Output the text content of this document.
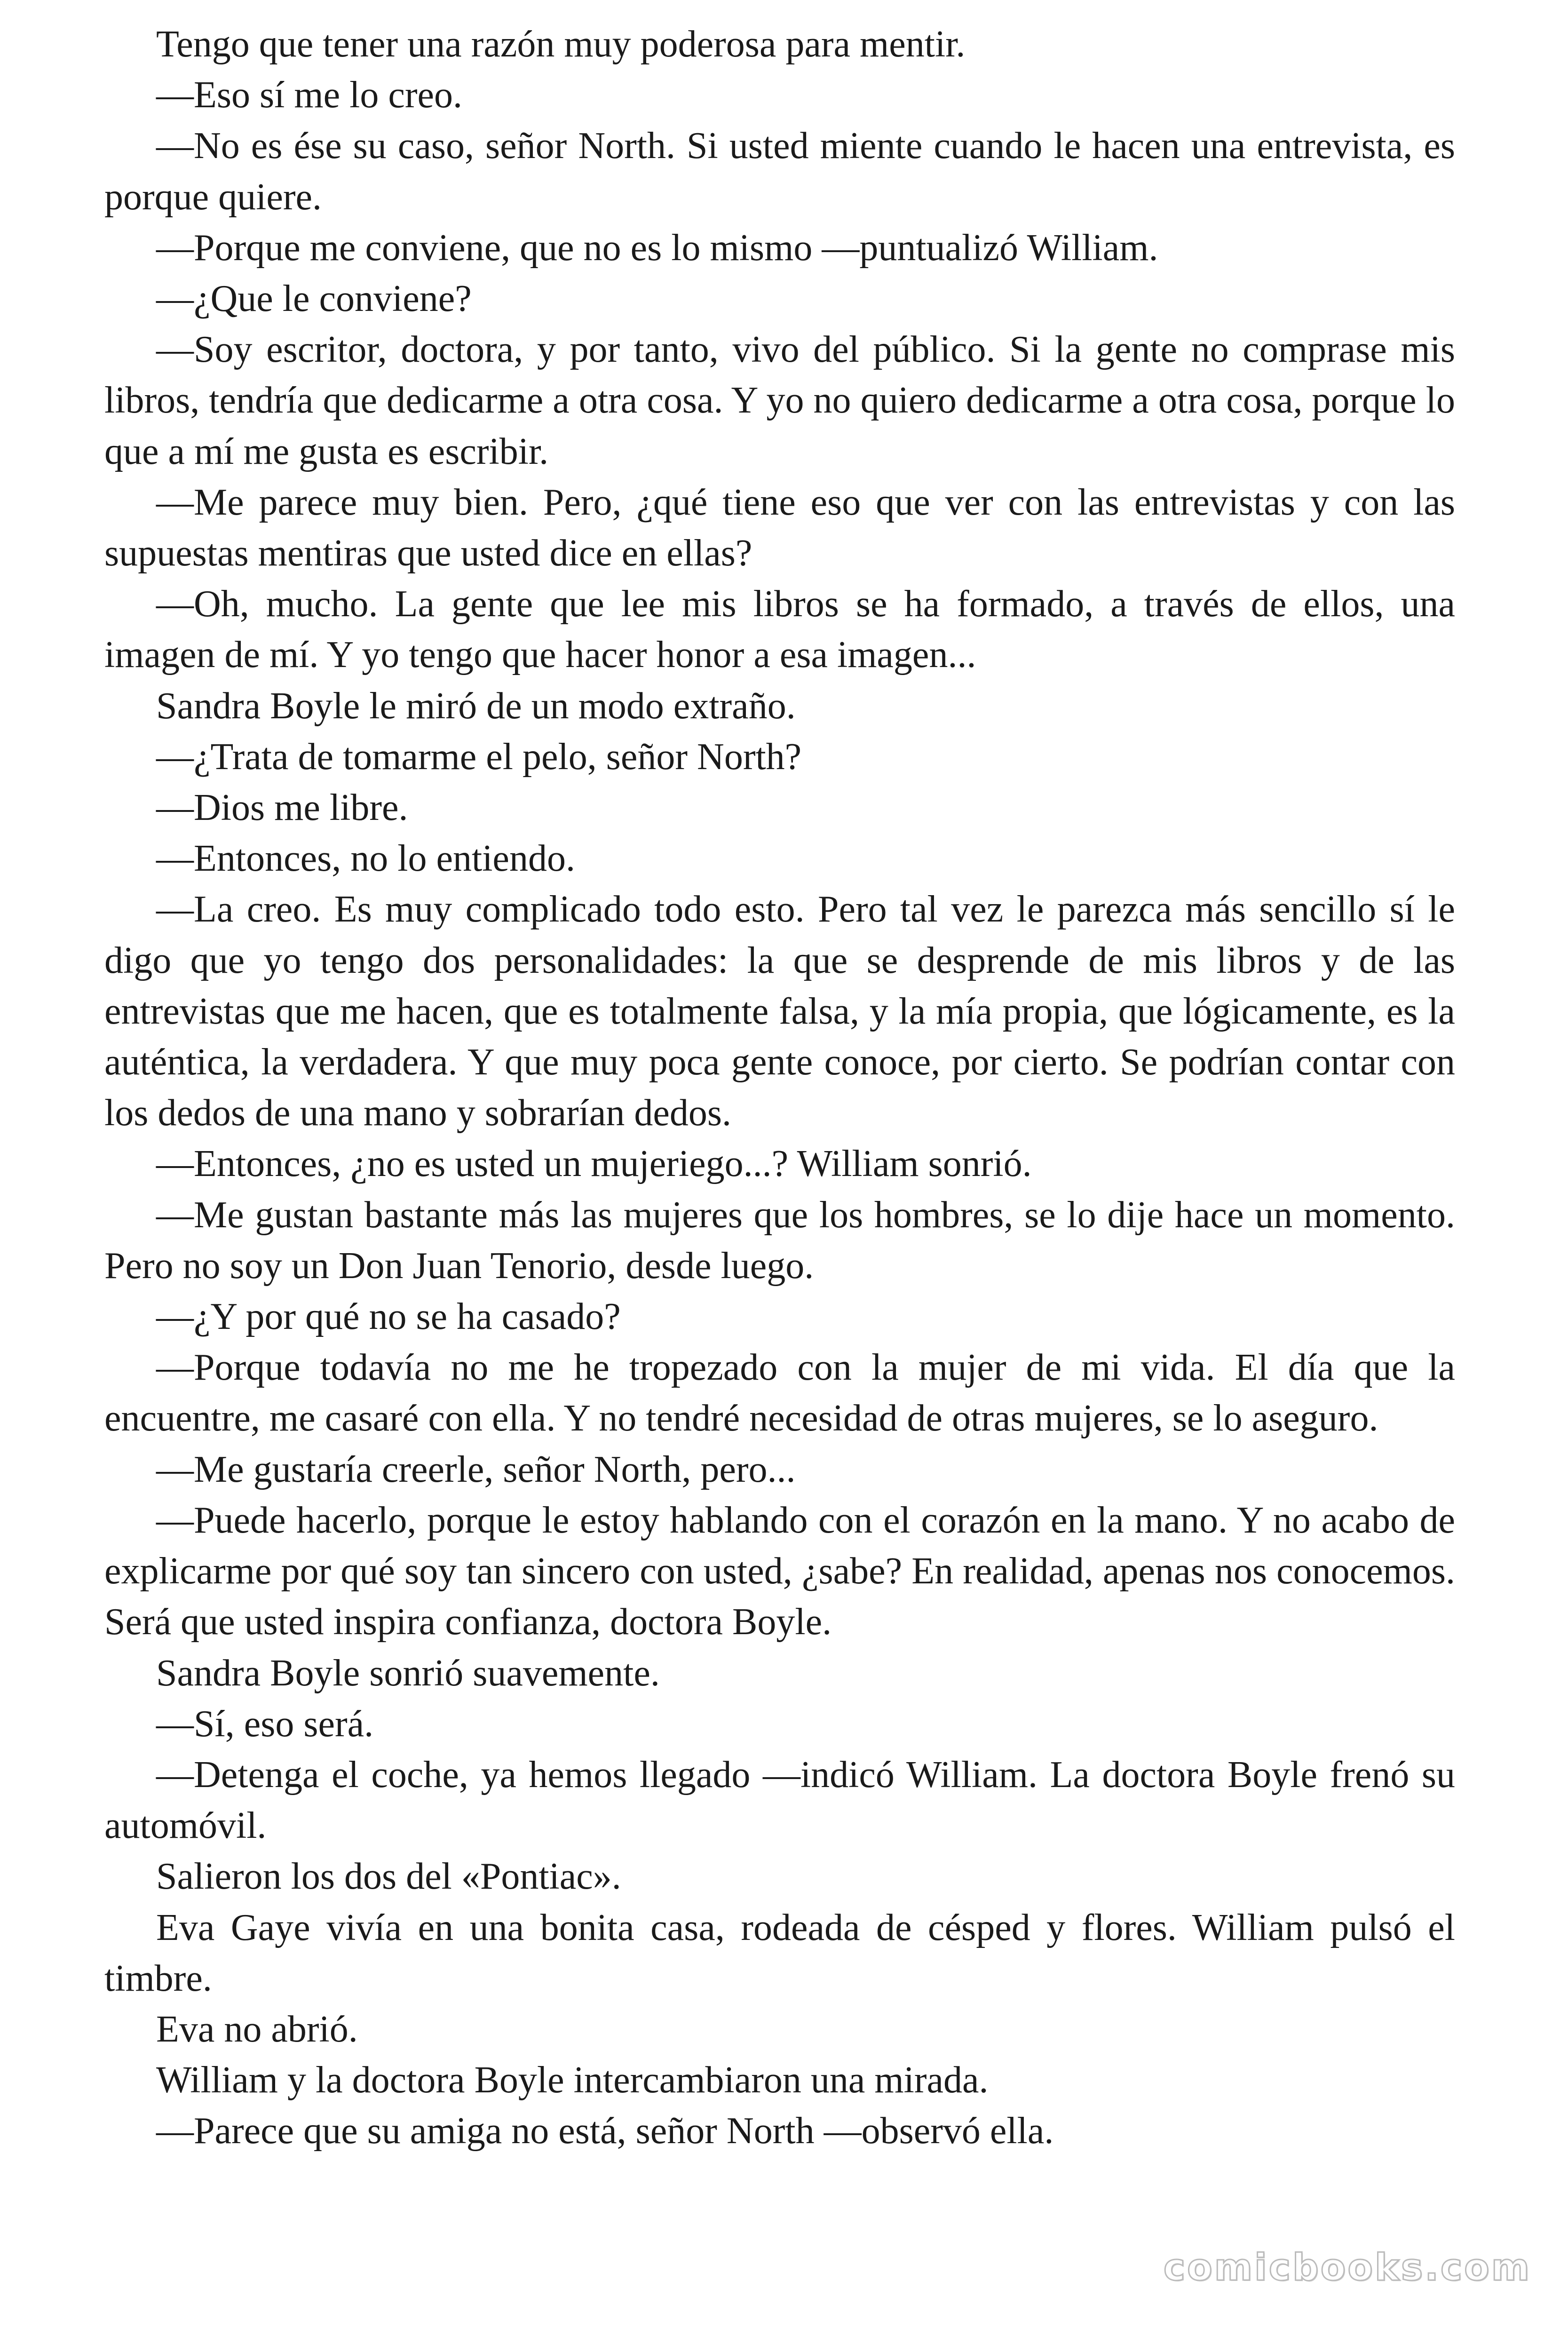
Tengo que tener una razón muy poderosa para mentir.

—Eso sí me lo creo.

—No es ése su caso, señor North. Si usted miente cuando le hacen una entrevista, es porque quiere.

—Porque me conviene, que no es lo mismo —puntualizó William.

—¿Que le conviene?

—Soy escritor, doctora, y por tanto, vivo del público. Si la gente no comprase mis libros, tendría que dedicarme a otra cosa. Y yo no quiero dedicarme a otra cosa, porque lo que a mí me gusta es escribir.

—Me parece muy bien. Pero, ¿qué tiene eso que ver con las entrevistas y con las supuestas mentiras que usted dice en ellas?

—Oh, mucho. La gente que lee mis libros se ha formado, a través de ellos, una imagen de mí. Y yo tengo que hacer honor a esa imagen...

Sandra Boyle le miró de un modo extraño.

—¿Trata de tomarme el pelo, señor North?

—Dios me libre.

—Entonces, no lo entiendo.

—La creo. Es muy complicado todo esto. Pero tal vez le parezca más sencillo sí le digo que yo tengo dos personalidades: la que se desprende de mis libros y de las entrevistas que me hacen, que es totalmente falsa, y la mía propia, que lógicamente, es la auténtica, la verdadera. Y que muy poca gente conoce, por cierto. Se podrían contar con los dedos de una mano y sobrarían dedos.

—Entonces, ¿no es usted un mujeriego...? William sonrió.

—Me gustan bastante más las mujeres que los hombres, se lo dije hace un momento. Pero no soy un Don Juan Tenorio, desde luego.

—¿Y por qué no se ha casado?

—Porque todavía no me he tropezado con la mujer de mi vida. El día que la encuentre, me casaré con ella. Y no tendré necesidad de otras mujeres, se lo aseguro.

—Me gustaría creerle, señor North, pero...

—Puede hacerlo, porque le estoy hablando con el corazón en la mano. Y no acabo de explicarme por qué soy tan sincero con usted, ¿sabe? En realidad, apenas nos conocemos. Será que usted inspira confianza, doctora Boyle.

Sandra Boyle sonrió suavemente.

—Sí, eso será.

—Detenga el coche, ya hemos llegado —indicó William. La doctora Boyle frenó su automóvil.

Salieron los dos del «Pontiac».

Eva Gaye vivía en una bonita casa, rodeada de césped y flores. William pulsó el timbre.

Eva no abrió.

William y la doctora Boyle intercambiaron una mirada.

—Parece que su amiga no está, señor North —observó ella.

comicbooks.com
